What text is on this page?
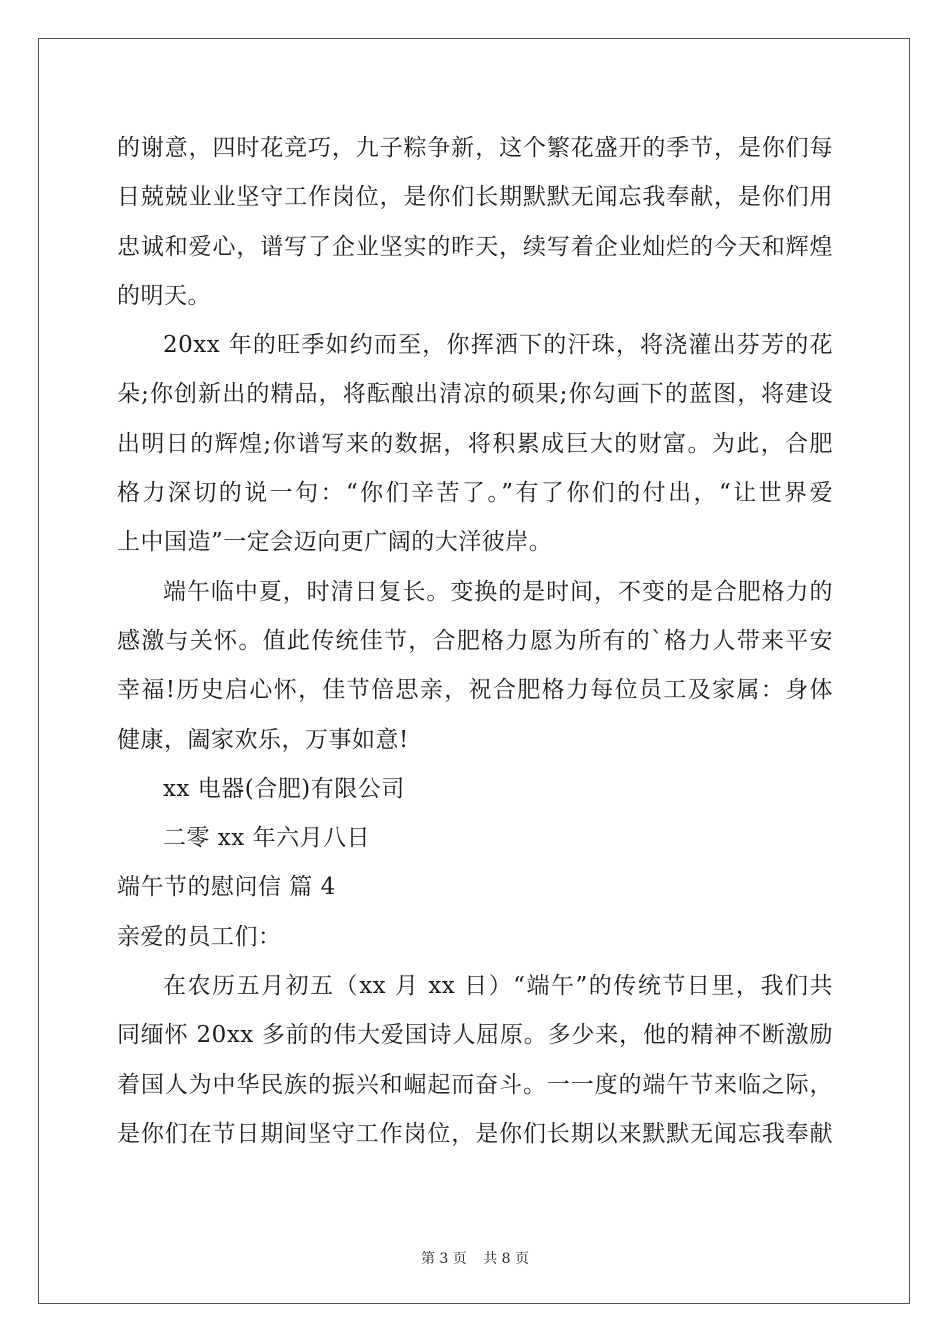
的谢意，四时花竞巧，九子粽争新，这个繁花盛开的季节，是你们每
日兢兢业业坚守工作岗位，是你们长期默默无闻忘我奉献，是你们用
忠诚和爱心，谱写了企业坚实的昨天，续写着企业灿烂的今天和辉煌
的明天。
20xx 年的旺季如约而至，你挥洒下的汗珠，将浇灌出芬芳的花
朵;你创新出的精品，将酝酿出清凉的硕果;你勾画下的蓝图，将建设
出明日的辉煌;你谱写来的数据，将积累成巨大的财富。为此，合肥
格力深切的说一句：“你们辛苦了。”有了你们的付出，“让世界爱
上中国造”一定会迈向更广阔的大洋彼岸。
端午临中夏，时清日复长。变换的是时间，不变的是合肥格力的
感激与关怀。值此传统佳节，合肥格力愿为所有的`格力人带来平安
幸福!历史启心怀，佳节倍思亲，祝合肥格力每位员工及家属：身体
健康，阖家欢乐，万事如意!
xx 电器(合肥)有限公司
二零 xx 年六月八日
端午节的慰问信 篇 4
亲爱的员工们：
在农历五月初五（xx 月 xx 日）“端午”的传统节日里，我们共
同缅怀 20xx 多前的伟大爱国诗人屈原。多少来，他的精神不断激励
着国人为中华民族的振兴和崛起而奋斗。一一度的端午节来临之际，
是你们在节日期间坚守工作岗位，是你们长期以来默默无闻忘我奉献
第 3 页 共 8 页
